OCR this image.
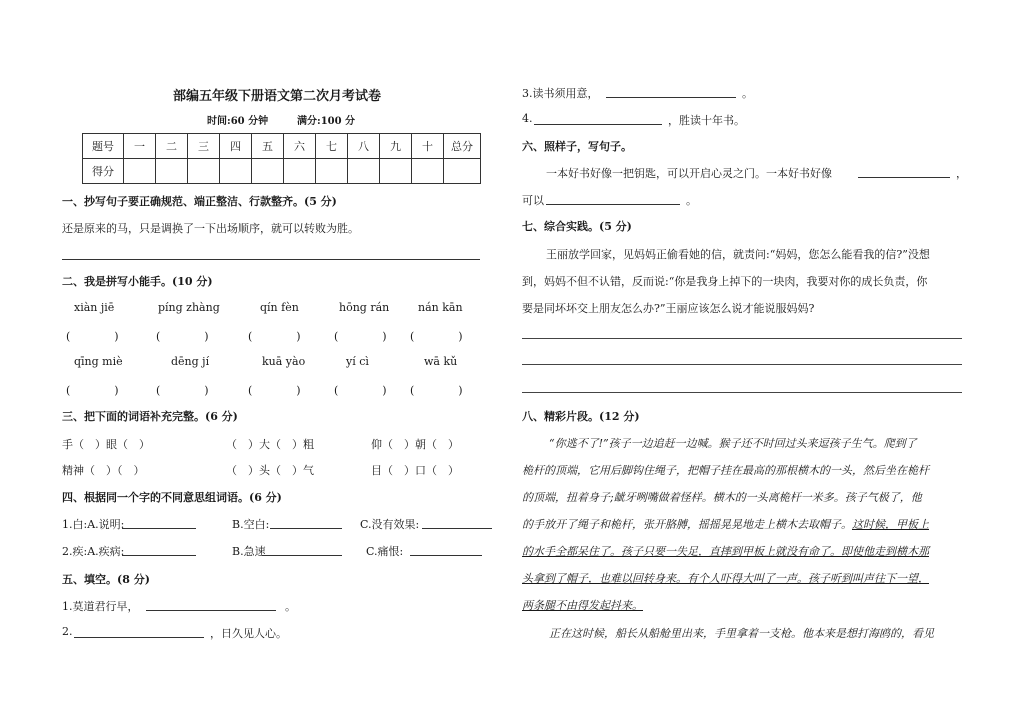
部编五年级下册语文第二次月考试卷
时间:60 分钟	满分:100 分
题号	一	二	三	四	五	六	七	八	九	十	总分
得分											
一、抄写句子要正确规范、端正整洁、行款整齐。(5 分)
还是原来的马，只是调换了一下出场顺序，就可以转败为胜。
二、我是拼写小能手。(10 分)
xiàn jiē	píng zhàng	qín fèn	hōng rán	nán kān
(　　　　)	(　　　　)	(　　　　)	(　　　　) (　　　　)
qīng miè	dēng jí	kuā yào	yí cì	wā kǔ
(　　　　)	(　　　　)	(　　　　)	(　　　　) (　　　　)
三、把下面的词语补充完整。(6 分)
手（　）眼（　）	（　）大（　）粗	仰（　）朝（　）
精神（　）（　）	（　）头（　）气	目（　）口（　）
四、根据同一个字的不同意思组词语。(6 分)
1.白:A.说明:	B.空白:	C.没有效果:
2.疾:A.疾病:	B.急速	C.痛恨:
五、填空。(8 分)
1.莫道君行早，	。
2.	，日久见人心。
3.读书须用意，	。
4.	，胜读十年书。
六、照样子，写句子。
一本好书好像一把钥匙，可以开启心灵之门。一本好书好像	，
可以	。
七、综合实践。(5 分)
王丽放学回家，见妈妈正偷看她的信，就责问:“妈妈，您怎么能看我的信?”没想
到，妈妈不但不认错，反而说:“你是我身上掉下的一块肉，我要对你的成长负责，你
要是同坏坏交上朋友怎么办?”王丽应该怎么说才能说服妈妈?
八、精彩片段。(12 分)
“你逃不了!”孩子一边追赶一边喊。猴子还不时回过头来逗孩子生气。爬到了
桅杆的顶端，它用后脚钩住绳子，把帽子挂在最高的那根横木的一头，然后坐在桅杆
的顶端，扭着身子;龇牙咧嘴做着怪样。横木的一头离桅杆一米多。孩子气极了，他
的手放开了绳子和桅杆，张开胳膊，摇摇晃晃地走上横木去取帽子。这时候，甲板上
的水手全都呆住了。孩子只要一失足，直摔到甲板上就没有命了。即使他走到横木那
头拿到了帽子，也难以回转身来。有个人吓得大叫了一声。孩子听到叫声往下一望，
两条腿不由得发起抖来。
正在这时候，船长从船舱里出来，手里拿着一支枪。他本来是想打海鸥的，看见
